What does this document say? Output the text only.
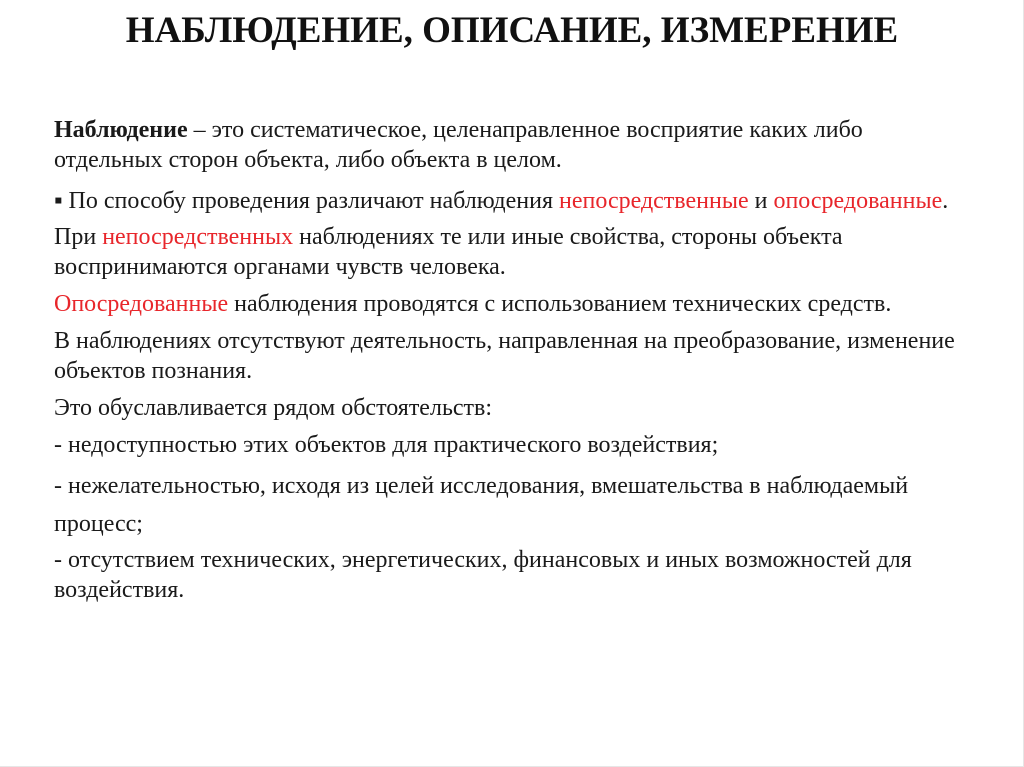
НАБЛЮДЕНИЕ, ОПИСАНИЕ, ИЗМЕРЕНИЕ

Наблюдение – это систематическое, целенаправленное восприятие каких либо отдельных сторон объекта, либо объекта в целом.

▪ По способу проведения различают наблюдения непосредственные и опосредованные.

При непосредственных наблюдениях те или иные свойства, стороны объекта воспринимаются органами чувств человека.

Опосредованные наблюдения проводятся с использованием технических средств.

В наблюдениях отсутствуют деятельность, направленная на преобразование, изменение объектов познания.

Это обуславливается рядом обстоятельств:

- недоступностью этих объектов для практического воздействия;

- нежелательностью, исходя из целей исследования, вмешательства в наблюдаемый процесс;

- отсутствием технических, энергетических, финансовых и иных возможностей для воздействия.
